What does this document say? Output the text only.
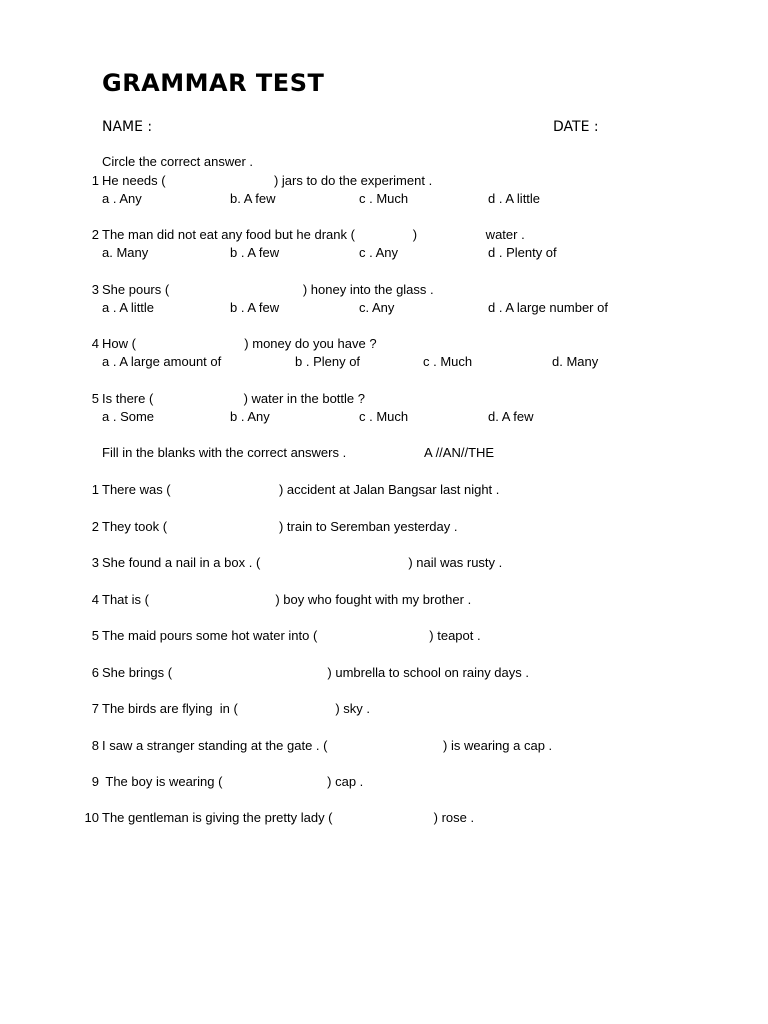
GRAMMAR TEST
NAME :	DATE :
Circle the correct answer .
1 He needs (                              ) jars to do the experiment .
a . Any	b. A few	c . Much	d . A little
2 The man did not eat any food but he drank (                )                   water .
a. Many	b . A few	c . Any	d . Plenty of
3 She pours (                                     ) honey into the glass .
a . A little	b . A few	c. Any	d . A large number of
4 How (                              ) money do you have ?
a . A large amount of	b . Pleny of	c . Much	d. Many
5 Is there (                         ) water in the bottle ?
a . Some	b . Any	c . Much	d. A few
Fill in the blanks with the correct answers .	A //AN//THE
1 There was (                              ) accident at Jalan Bangsar last night .
2 They took (                               ) train to Seremban yesterday .
3 She found a nail in a box . (                                         ) nail was rusty .
4 That is (                                   ) boy who fought with my brother .
5 The maid pours some hot water into (                               ) teapot .
6 She brings (                                           ) umbrella to school on rainy days .
7 The birds are flying  in (                           ) sky .
8 I saw a stranger standing at the gate . (                                ) is wearing a cap .
9 The boy is wearing (                             ) cap .
10 The gentleman is giving the pretty lady (                            ) rose .
